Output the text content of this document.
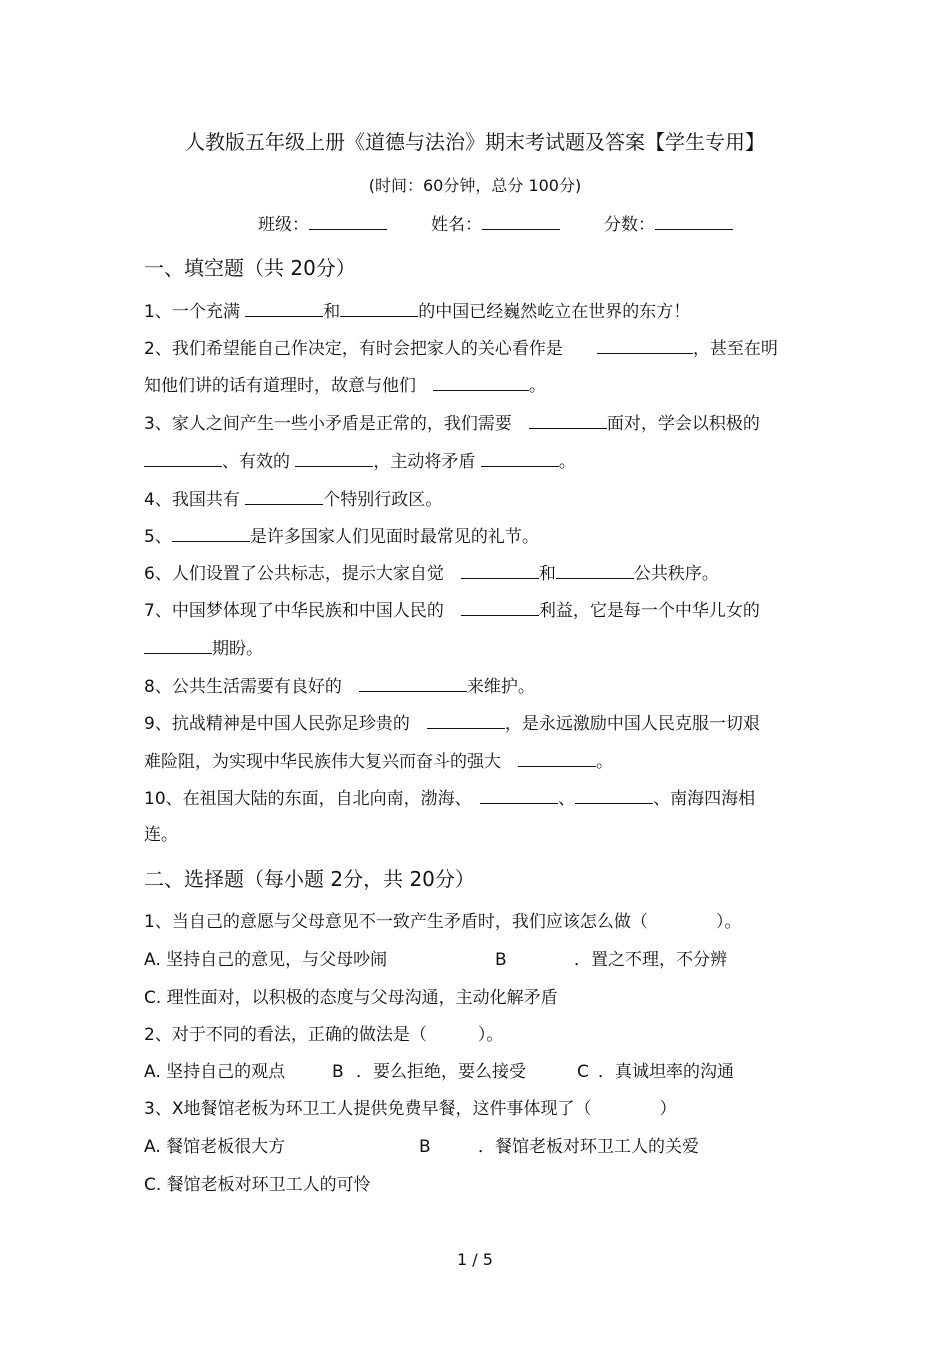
人教版五年级上册《道德与法治》期末考试题及答案【学生专用】
(时间：60分钟，总分 100分)
班级：	姓名：	分数：
一、填空题（共 20分）
1、一个充满	和	的中国已经巍然屹立在世界的东方！
2、我们希望能自己作决定，有时会把家人的关心看作是　　	，甚至在明
知他们讲的话有道理时，故意与他们　	。
3、家人之间产生一些小矛盾是正常的，我们需要　	面对，学会以积极的
、有效的	，主动将矛盾	。
4、我国共有	个特别行政区。
5、	是许多国家人们见面时最常见的礼节。
6、人们设置了公共标志，提示大家自觉　	和	公共秩序。
7、中国梦体现了中华民族和中国人民的　	利益，它是每一个中华儿女的
期盼。
8、公共生活需要有良好的　	来维护。
9、抗战精神是中国人民弥足珍贵的　	，是永远激励中国人民克服一切艰
难险阻，为实现中华民族伟大复兴而奋斗的强大　	。
10、在祖国大陆的东面，自北向南，渤海、　	、	、南海四海相
连。
二、选择题（每小题 2分，共 20分）
1、当自己的意愿与父母意见不一致产生矛盾时，我们应该怎么做（　　　　）。
A. 坚持自己的意见，与父母吵闹	B	．置之不理，不分辨
C. 理性面对，以积极的态度与父母沟通，主动化解矛盾
2、对于不同的看法，正确的做法是（　　　）。
A. 坚持自己的观点	B ．要么拒绝，要么接受	C ．真诚坦率的沟通
3、X地餐馆老板为环卫工人提供免费早餐，这件事体现了（　　　　）
A. 餐馆老板很大方	B	．餐馆老板对环卫工人的关爱
C. 餐馆老板对环卫工人的可怜
1 / 5
